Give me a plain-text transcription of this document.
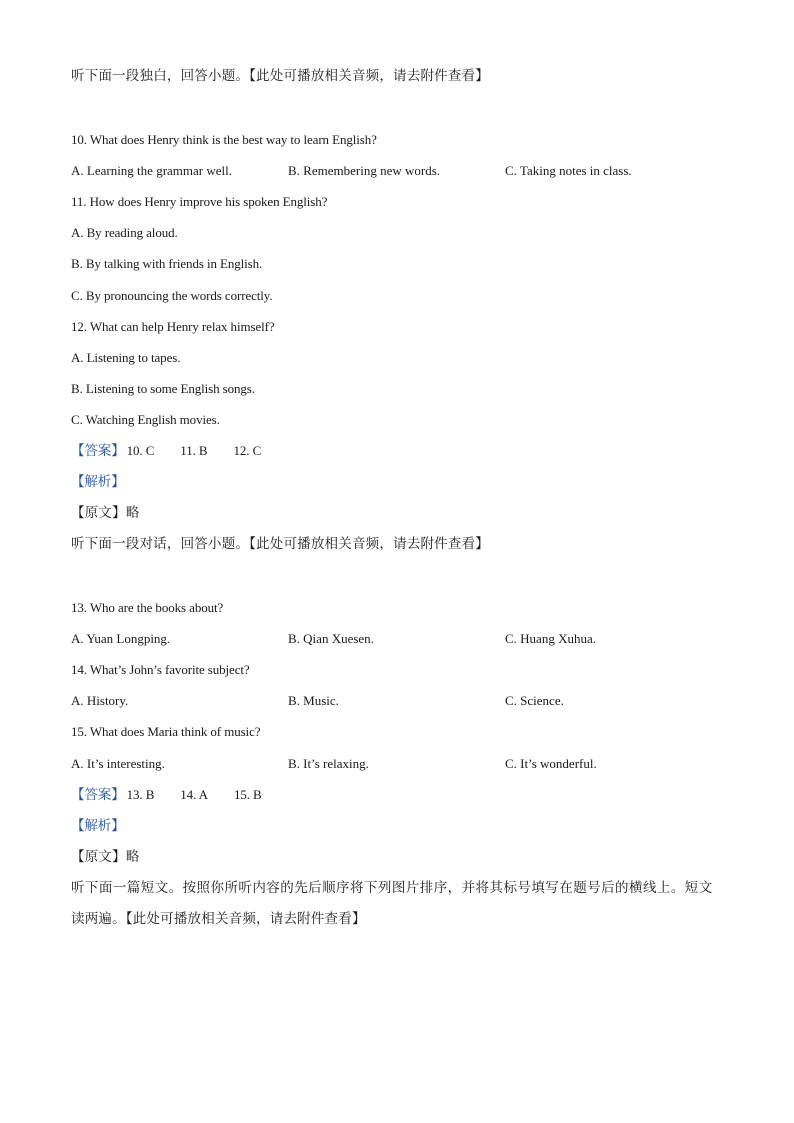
听下面一段独白，回答小题。【此处可播放相关音频，请去附件查看】
10. What does Henry think is the best way to learn English?
A. Learning the grammar well.	B. Remembering new words.	C. Taking notes in class.
11. How does Henry improve his spoken English?
A. By reading aloud.
B. By talking with friends in English.
C. By pronouncing the words correctly.
12. What can help Henry relax himself?
A. Listening to tapes.
B. Listening to some English songs.
C. Watching English movies.
【答案】 10. C 11. B 12. C
【解析】
【原文】略
听下面一段对话，回答小题。【此处可播放相关音频，请去附件查看】
13. Who are the books about?
A. Yuan Longping.	B. Qian Xuesen.	C. Huang Xuhua.
14. What’s John’s favorite subject?
A. History.	B. Music.	C. Science.
15. What does Maria think of music?
A. It’s interesting.	B. It’s relaxing.	C. It’s wonderful.
【答案】 13. B 14. A 15. B
【解析】
【原文】略
听下面一篇短文。按照你所听内容的先后顺序将下列图片排序，并将其标号填写在题号后的横线上。短文
读两遍。【此处可播放相关音频，请去附件查看】
